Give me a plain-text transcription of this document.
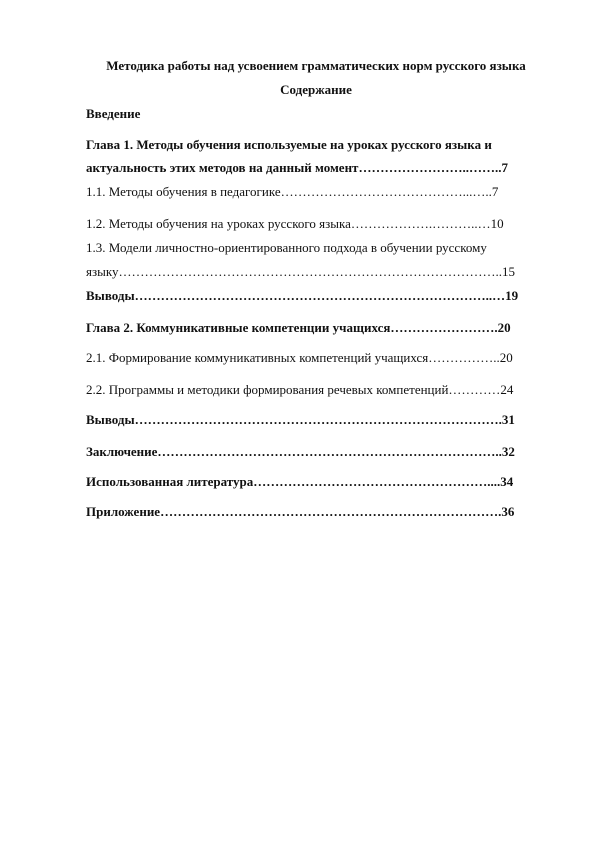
Методика работы над усвоением грамматических норм русского языка
Содержание
Введение
Глава 1. Методы обучения используемые на уроках русского языка и
актуальность этих методов на данный момент……………………..……..7
1.1. Методы обучения в педагогике……………………………………...…..7
1.2. Методы обучения на уроках русского языка……………….………..…10
1.3. Модели личностно-ориентированного подхода в обучении русскому
языку……………………………………………………………………………..15
Выводы………………………………………………………………………..…19
Глава 2. Коммуникативные компетенции учащихся…………………….20
2.1. Формирование коммуникативных компетенций учащихся……………..20
2.2. Программы и методики формирования речевых компетенций…………24
Выводы………………………………………………………………………….31
Заключение……………………………………………………………………..32
Использованная литература………………………………………………....34
Приложение…………………………………………………………………….36
